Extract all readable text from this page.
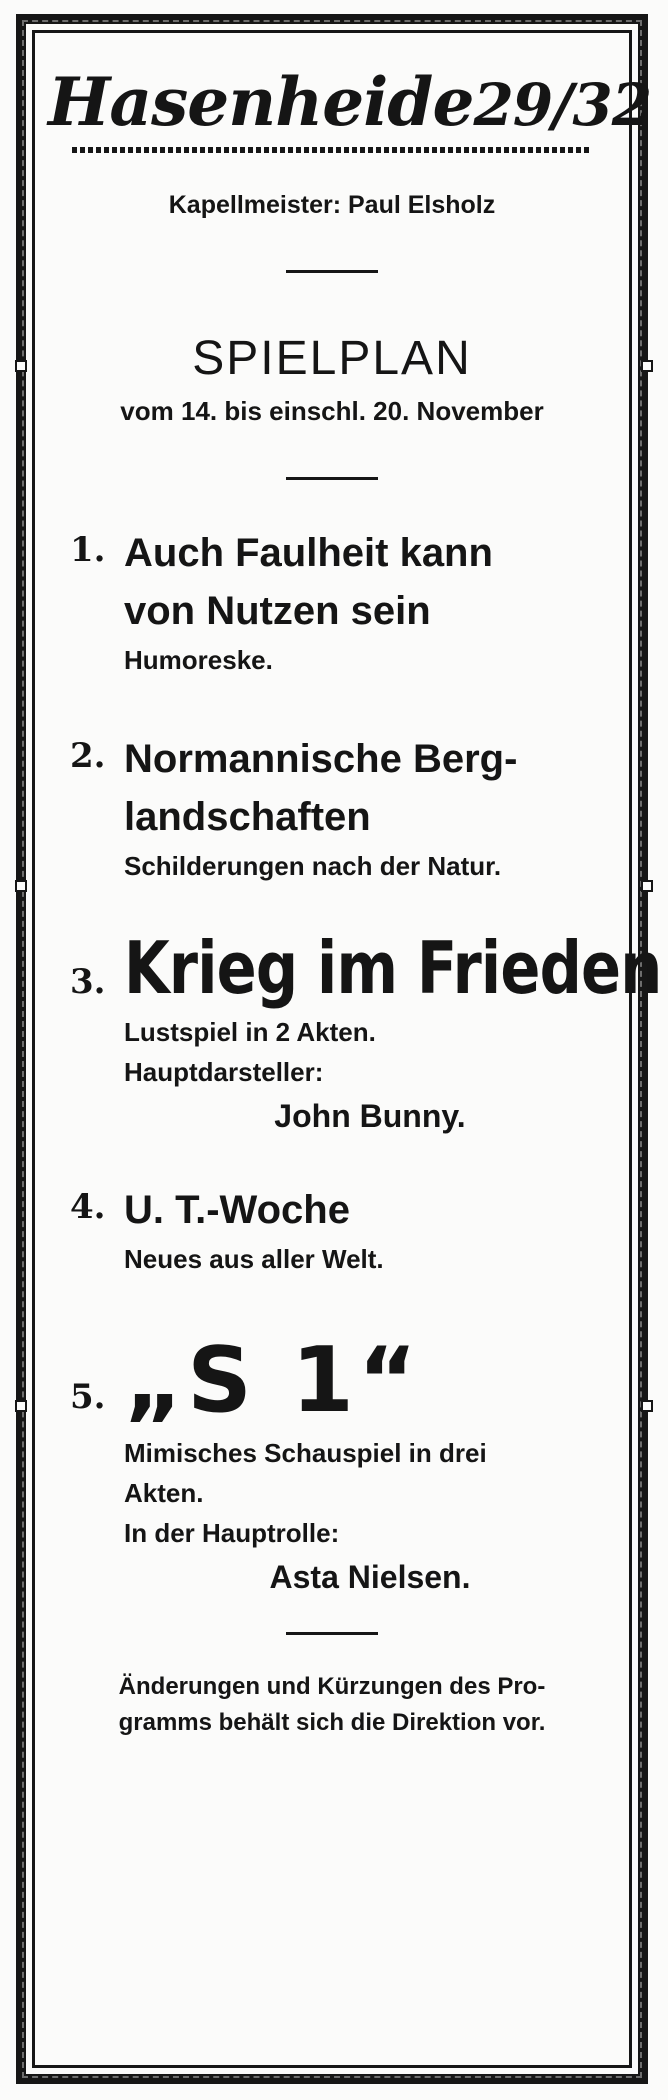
Hasenheide29/32
Kapellmeister: Paul Elsholz
SPIELPLAN
vom 14. bis einschl. 20. November
1. Auch Faulheit kann
von Nutzen sein
Humoreske.
2. Normannische Berg-
landschaften
Schilderungen nach der Natur.
3. Krieg im Frieden
Lustspiel in 2 Akten.
Hauptdarsteller:
John Bunny.
4. U. T.-Woche
Neues aus aller Welt.
5. „S 1“
Mimisches Schauspiel in drei
Akten.
In der Hauptrolle:
Asta Nielsen.
Änderungen und Kürzungen des Pro-
gramms behält sich die Direktion vor.
